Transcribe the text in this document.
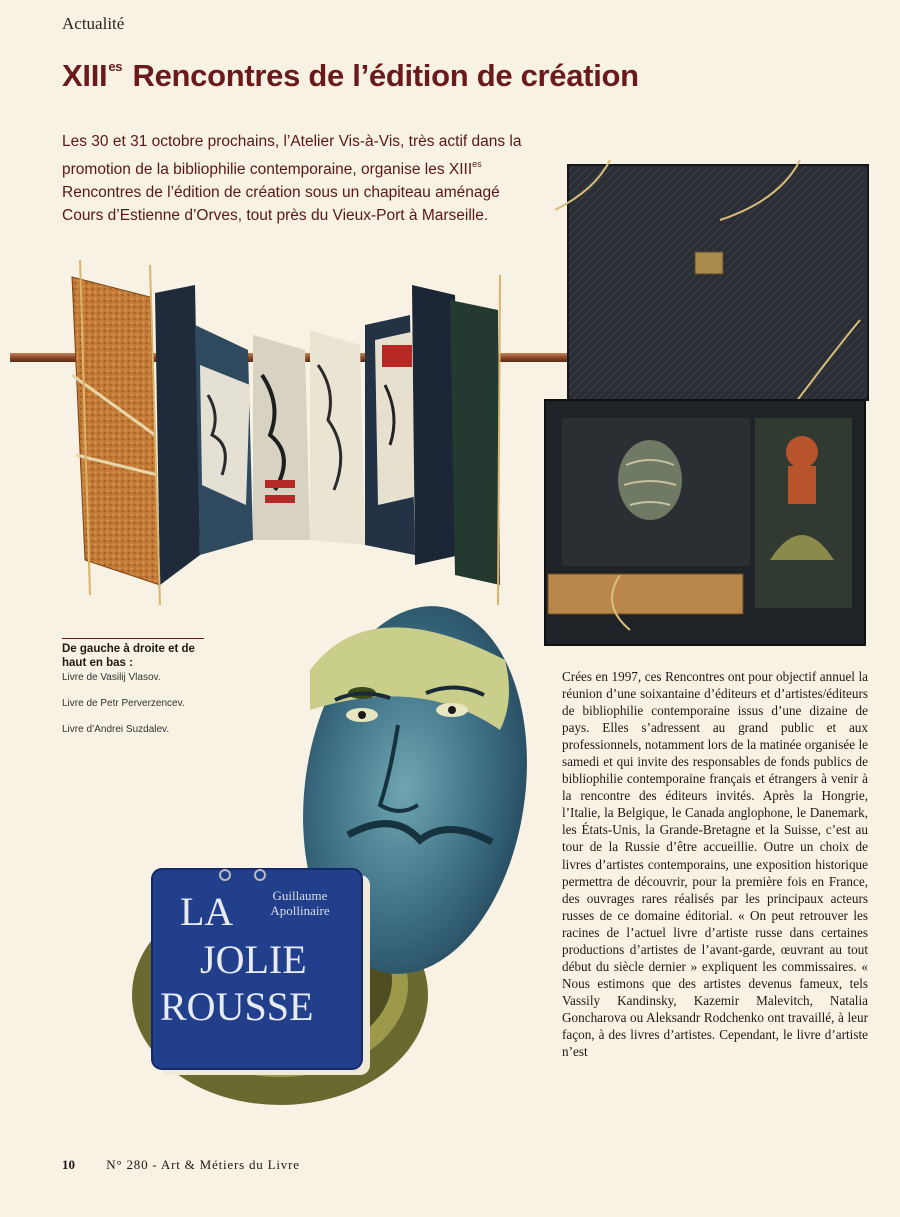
Actualité
$XIII^{es}$ Rencontres de l’édition de création

Les 30 et 31 octobre prochains, l’Atelier Vis-à-Vis, très actif dans la promotion de la bibliophilie contemporaine, organise les $XIII^{es}$ Rencontres de l’édition de création sous un chapiteau aménagé Cours d’Estienne d’Orves, tout près du Vieux-Port à Marseille.

Guillaume
Apollinaire
LA
JOLIE
ROUSSE

De gauche à droite et de haut en bas :

Livre de Vasilij Vlasov.

Livre de Petr Perverzencev.

Livre d’Andrei Suzdalev.

Crées en 1997, ces Rencontres ont pour objectif annuel la réunion d’une soixantaine d’éditeurs et d’artistes/éditeurs de bibliophilie contemporaine issus d’une dizaine de pays. Elles s’adressent au grand public et aux professionnels, notamment lors de la matinée organisée le samedi et qui invite des responsables de fonds publics de bibliophilie contemporaine français et étrangers à venir à la rencontre des éditeurs invités. Après la Hongrie, l’Italie, la Belgique, le Canada anglophone, le Danemark, les États-Unis, la Grande-Bretagne et la Suisse, c’est au tour de la Russie d’être accueillie. Outre un choix de livres d’artistes contemporains, une exposition historique permettra de découvrir, pour la première fois en France, des ouvrages rares réalisés par les principaux acteurs russes de ce domaine éditorial. « On peut retrouver les racines de l’actuel livre d’artiste russe dans certaines productions d’artistes de l’avant-garde, œuvrant au tout début du siècle dernier » expliquent les commissaires. « Nous estimons que des artistes devenus fameux, tels Vassily Kandinsky, Kazemir Malevitch, Natalia Goncharova ou Aleksandr Rodchenko ont travaillé, à leur façon, à des livres d’artistes. Cependant, le livre d’artiste n’est

10 N° 280 - Art & Métiers du Livre
